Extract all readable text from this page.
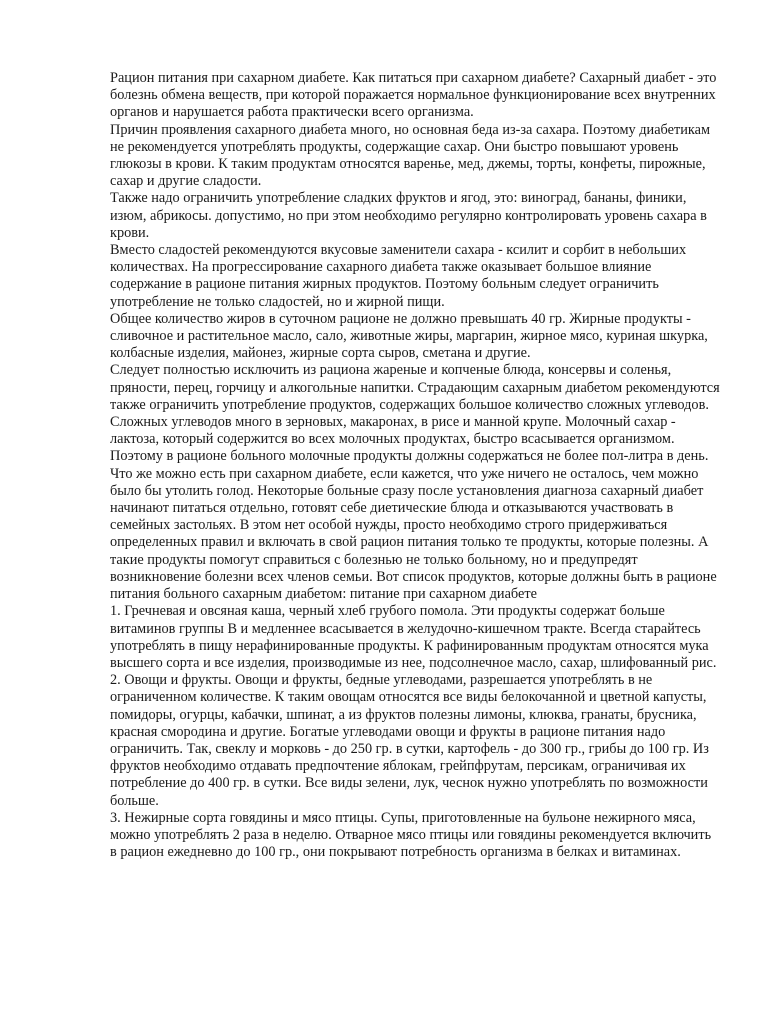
Рацион питания при сахарном диабете. Как питаться при сахарном диабете? Сахарный диабет - это болезнь обмена веществ, при которой поражается нормальное функционирование всех внутренних органов и нарушается работа практически всего организма.

Причин проявления сахарного диабета много, но основная беда из-за сахара. Поэтому диабетикам не рекомендуется употреблять продукты, содержащие сахар. Они быстро повышают уровень глюкозы в крови. К таким продуктам относятся варенье, мед, джемы, торты, конфеты, пирожные, сахар и другие сладости.

Также надо ограничить употребление сладких фруктов и ягод, это: виноград, бананы, финики, изюм, абрикосы. допустимо, но при этом необходимо регулярно контролировать уровень сахара в крови.

Вместо сладостей рекомендуются вкусовые заменители сахара - ксилит и сорбит в небольших количествах. На прогрессирование сахарного диабета также оказывает большое влияние содержание в рационе питания жирных продуктов. Поэтому больным следует ограничить употребление не только сладостей, но и жирной пищи.

Общее количество жиров в суточном рационе не должно превышать 40 гр. Жирные продукты - сливочное и растительное масло, сало, животные жиры, маргарин, жирное мясо, куриная шкурка, колбасные изделия, майонез, жирные сорта сыров, сметана и другие.

Следует полностью исключить из рациона жареные и копченые блюда, консервы и соленья, пряности, перец, горчицу и алкогольные напитки. Страдающим сахарным диабетом рекомендуются также ограничить употребление продуктов, содержащих большое количество сложных углеводов.

Сложных углеводов много в зерновых, макаронах, в рисе и манной крупе. Молочный сахар - лактоза, который содержится во всех молочных продуктах, быстро всасывается организмом. Поэтому в рационе больного молочные продукты должны содержаться не более пол-литра в день. Что же можно есть при сахарном диабете, если кажется, что уже ничего не осталось, чем можно было бы утолить голод. Некоторые больные сразу после установления диагноза сахарный диабет начинают питаться отдельно, готовят себе диетические блюда и отказываются участвовать в семейных застольях. В этом нет особой нужды, просто необходимо строго придерживаться определенных правил и включать в свой рацион питания только те продукты, которые полезны. А такие продукты помогут справиться с болезнью не только больному, но и предупредят возникновение болезни всех членов семьи. Вот список продуктов, которые должны быть в рационе питания больного сахарным диабетом: питание при сахарном диабете

1. Гречневая и овсяная каша, черный хлеб грубого помола. Эти продукты содержат больше витаминов группы В и медленнее всасывается в желудочно-кишечном тракте. Всегда старайтесь употреблять в пищу нерафинированные продукты. К рафинированным продуктам относятся мука высшего сорта и все изделия, производимые из нее, подсолнечное масло, сахар, шлифованный рис.

2. Овощи и фрукты. Овощи и фрукты, бедные углеводами, разрешается употреблять в не ограниченном количестве. К таким овощам относятся все виды белокочанной и цветной капусты, помидоры, огурцы, кабачки, шпинат, а из фруктов полезны лимоны, клюква, гранаты, брусника, красная смородина и другие. Богатые углеводами овощи и фрукты в рационе питания надо ограничить. Так, свеклу и морковь - до 250 гр. в сутки, картофель - до 300 гр., грибы до 100 гр. Из фруктов необходимо отдавать предпочтение яблокам, грейпфрутам, персикам, ограничивая их потребление до 400 гр. в сутки. Все виды зелени, лук, чеснок нужно употреблять по возможности больше.

3. Нежирные сорта говядины и мясо птицы. Супы, приготовленные на бульоне нежирного мяса, можно употреблять 2 раза в неделю. Отварное мясо птицы или говядины рекомендуется включить в рацион ежедневно до 100 гр., они покрывают потребность организма в белках и витаминах.
